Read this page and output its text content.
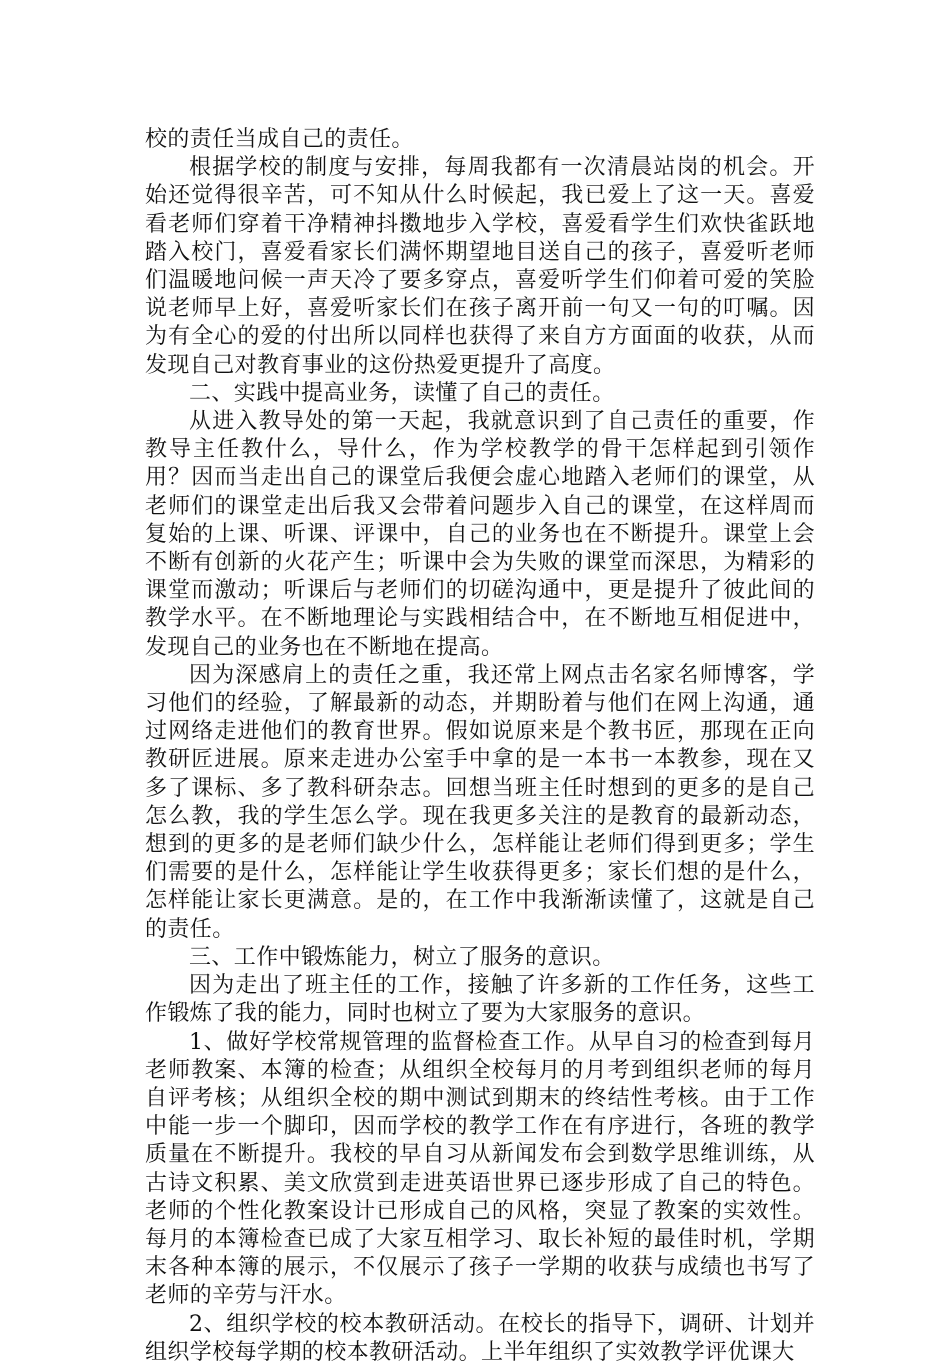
校的责任当成自己的责任。

根据学校的制度与安排，每周我都有一次清晨站岗的机会。开始还觉得很辛苦，可不知从什么时候起，我已爱上了这一天。喜爱看老师们穿着干净精神抖擞地步入学校，喜爱看学生们欢快雀跃地踏入校门，喜爱看家长们满怀期望地目送自己的孩子，喜爱听老师们温暖地问候一声天冷了要多穿点，喜爱听学生们仰着可爱的笑脸说老师早上好，喜爱听家长们在孩子离开前一句又一句的叮嘱。因为有全心的爱的付出所以同样也获得了来自方方面面的收获，从而发现自己对教育事业的这份热爱更提升了高度。

二、实践中提高业务，读懂了自己的责任。

从进入教导处的第一天起，我就意识到了自己责任的重要，作教导主任教什么，导什么，作为学校教学的骨干怎样起到引领作用？因而当走出自己的课堂后我便会虚心地踏入老师们的课堂，从老师们的课堂走出后我又会带着问题步入自己的课堂，在这样周而复始的上课、听课、评课中，自己的业务也在不断提升。课堂上会不断有创新的火花产生；听课中会为失败的课堂而深思，为精彩的课堂而激动；听课后与老师们的切磋沟通中，更是提升了彼此间的教学水平。在不断地理论与实践相结合中，在不断地互相促进中，发现自己的业务也在不断地在提高。

因为深感肩上的责任之重，我还常上网点击名家名师博客，学习他们的经验，了解最新的动态，并期盼着与他们在网上沟通，通过网络走进他们的教育世界。假如说原来是个教书匠，那现在正向教研匠进展。原来走进办公室手中拿的是一本书一本教参，现在又多了课标、多了教科研杂志。回想当班主任时想到的更多的是自己怎么教，我的学生怎么学。现在我更多关注的是教育的最新动态，想到的更多的是老师们缺少什么，怎样能让老师们得到更多；学生们需要的是什么，怎样能让学生收获得更多；家长们想的是什么，怎样能让家长更满意。是的，在工作中我渐渐读懂了，这就是自己的责任。

三、工作中锻炼能力，树立了服务的意识。

因为走出了班主任的工作，接触了许多新的工作任务，这些工作锻炼了我的能力，同时也树立了要为大家服务的意识。

1、做好学校常规管理的监督检查工作。从早自习的检查到每月老师教案、本簿的检查；从组织全校每月的月考到组织老师的每月自评考核；从组织全校的期中测试到期末的终结性考核。由于工作中能一步一个脚印，因而学校的教学工作在有序进行，各班的教学质量在不断提升。我校的早自习从新闻发布会到数学思维训练，从古诗文积累、美文欣赏到走进英语世界已逐步形成了自己的特色。老师的个性化教案设计已形成自己的风格，突显了教案的实效性。每月的本簿检查已成了大家互相学习、取长补短的最佳时机，学期末各种本簿的展示，不仅展示了孩子一学期的收获与成绩也书写了老师的辛劳与汗水。

2、组织学校的校本教研活动。在校长的指导下，调研、计划并组织学校每学期的校本教研活动。上半年组织了实效教学评优课大
